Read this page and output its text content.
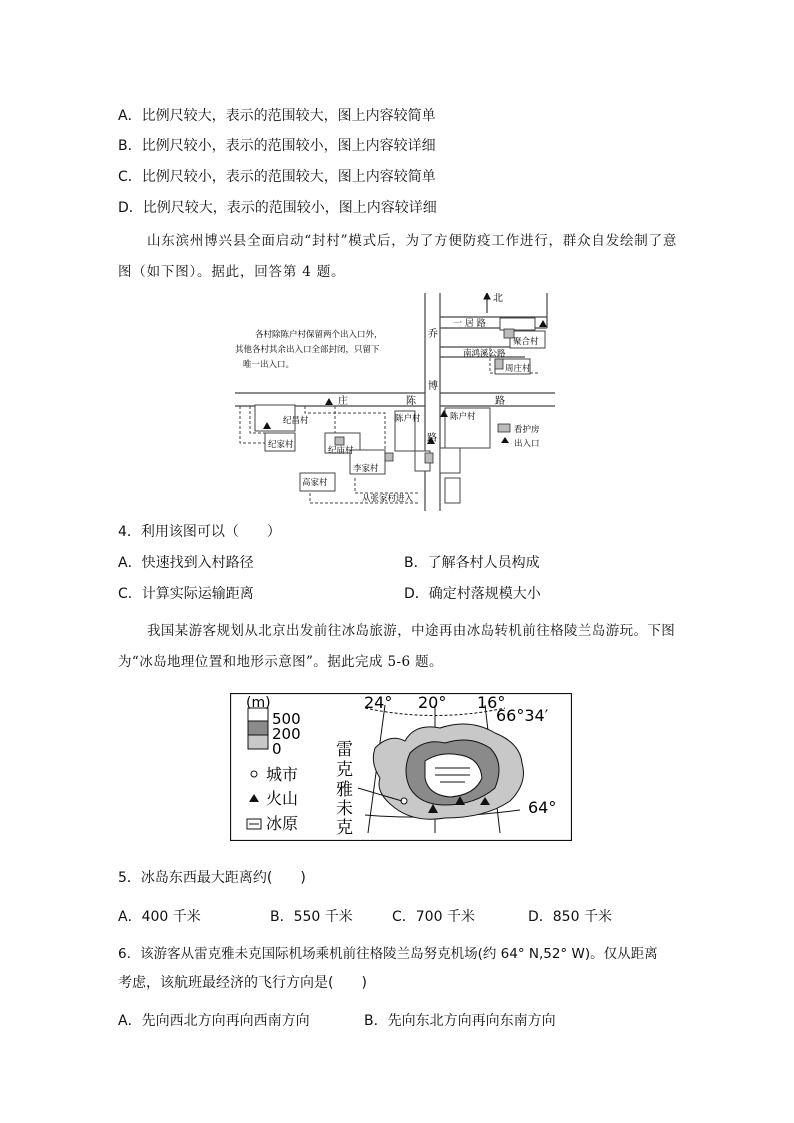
A．比例尺较大，表示的范围较大，图上内容较简单
B．比例尺较小，表示的范围较小，图上内容较详细
C．比例尺较小，表示的范围较大，图上内容较简单
D．比例尺较大，表示的范围较小，图上内容较详细
山东滨州博兴县全面启动“封村”模式后，为了方便防疫工作进行，群众自发绘制了意
图（如下图）。据此，回答第 4 题。
北
各村除陈户村保留两个出入口外，
其他各村其余出入口全部封闭，只留下
唯一出入口。
一 居 路
乔
博
庄	陈	路
路
南鸿溪公路
聚合村
周庄村
纪昌村
纪家村
纪庙村
李家村
高家村
陈户村	陈户村
看护房
出入口
从张家村进入
4．利用该图可以（　　）
A．快速找到入村路径	B．了解各村人员构成
C．计算实际运输距离	D．确定村落规模大小
我国某游客规划从北京出发前往冰岛旅游，中途再由冰岛转机前往格陵兰岛游玩。下图
为“冰岛地理位置和地形示意图”。据此完成 5-6 题。
(m)
500
200
0
城市
火山
冰原
24° 20° 16°
66°34′
64°
雷
克
雅
未
克
5．冰岛东西最大距离约(　　)
A．400 千米	B．550 千米	C．700 千米	D．850 千米
6．该游客从雷克雅未克国际机场乘机前往格陵兰岛努克机场(约 64° N,52° W)。仅从距离
考虑，该航班最经济的飞行方向是(　　)
A．先向西北方向再向西南方向	B．先向东北方向再向东南方向
